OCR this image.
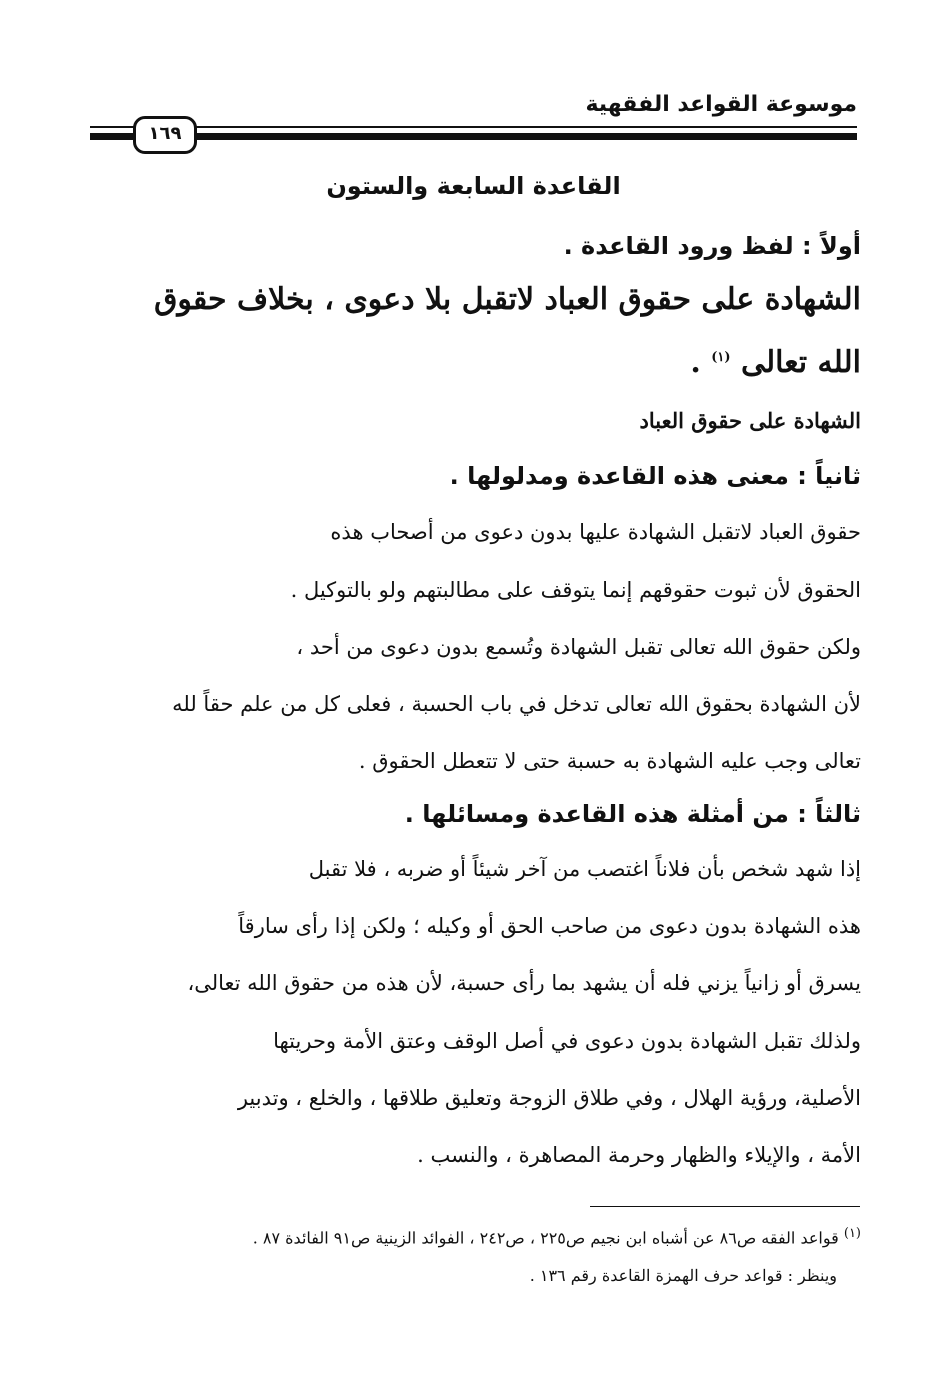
موسوعة القواعد الفقهية
١٦٩
القاعدة السابعة والستون
أولاً : لفظ ورود القاعدة .
الشهادة على حقوق العباد لاتقبل بلا دعوى ، بخلاف حقوق
الله تعالى $^{(١)}$ .
الشهادة على حقوق العباد
ثانياً : معنى هذه القاعدة ومدلولها .
حقوق العباد لاتقبل الشهادة عليها بدون دعوى من أصحاب هذه
الحقوق لأن ثبوت حقوقهم إنما يتوقف على مطالبتهم ولو بالتوكيل .
ولكن حقوق الله تعالى تقبل الشهادة وتُسمع بدون دعوى من أحد ،
لأن الشهادة بحقوق الله تعالى تدخل في باب الحسبة ، فعلى كل من علم حقاً لله
تعالى وجب عليه الشهادة به حسبة حتى لا تتعطل الحقوق .
ثالثاً : من أمثلة هذه القاعدة ومسائلها .
إذا شهد شخص بأن فلاناً اغتصب من آخر شيئاً أو ضربه ، فلا تقبل
هذه الشهادة بدون دعوى من صاحب الحق أو وكيله ؛ ولكن إذا رأى سارقاً
يسرق أو زانياً يزني فله أن يشهد بما رأى حسبة، لأن هذه من حقوق الله تعالى،
ولذلك تقبل الشهادة بدون دعوى في أصل الوقف وعتق الأمة وحريتها
الأصلية، ورؤية الهلال ، وفي طلاق الزوجة وتعليق طلاقها ، والخلع ، وتدبير
الأمة ، والإيلاء والظهار وحرمة المصاهرة ، والنسب .
$^{(١)}$ قواعد الفقه ص٨٦ عن أشباه ابن نجيم ص٢٢٥ ، ص٢٤٢ ، الفوائد الزينية ص٩١ الفائدة ٨٧ .
وينظر : قواعد حرف الهمزة القاعدة رقم ١٣٦ .
